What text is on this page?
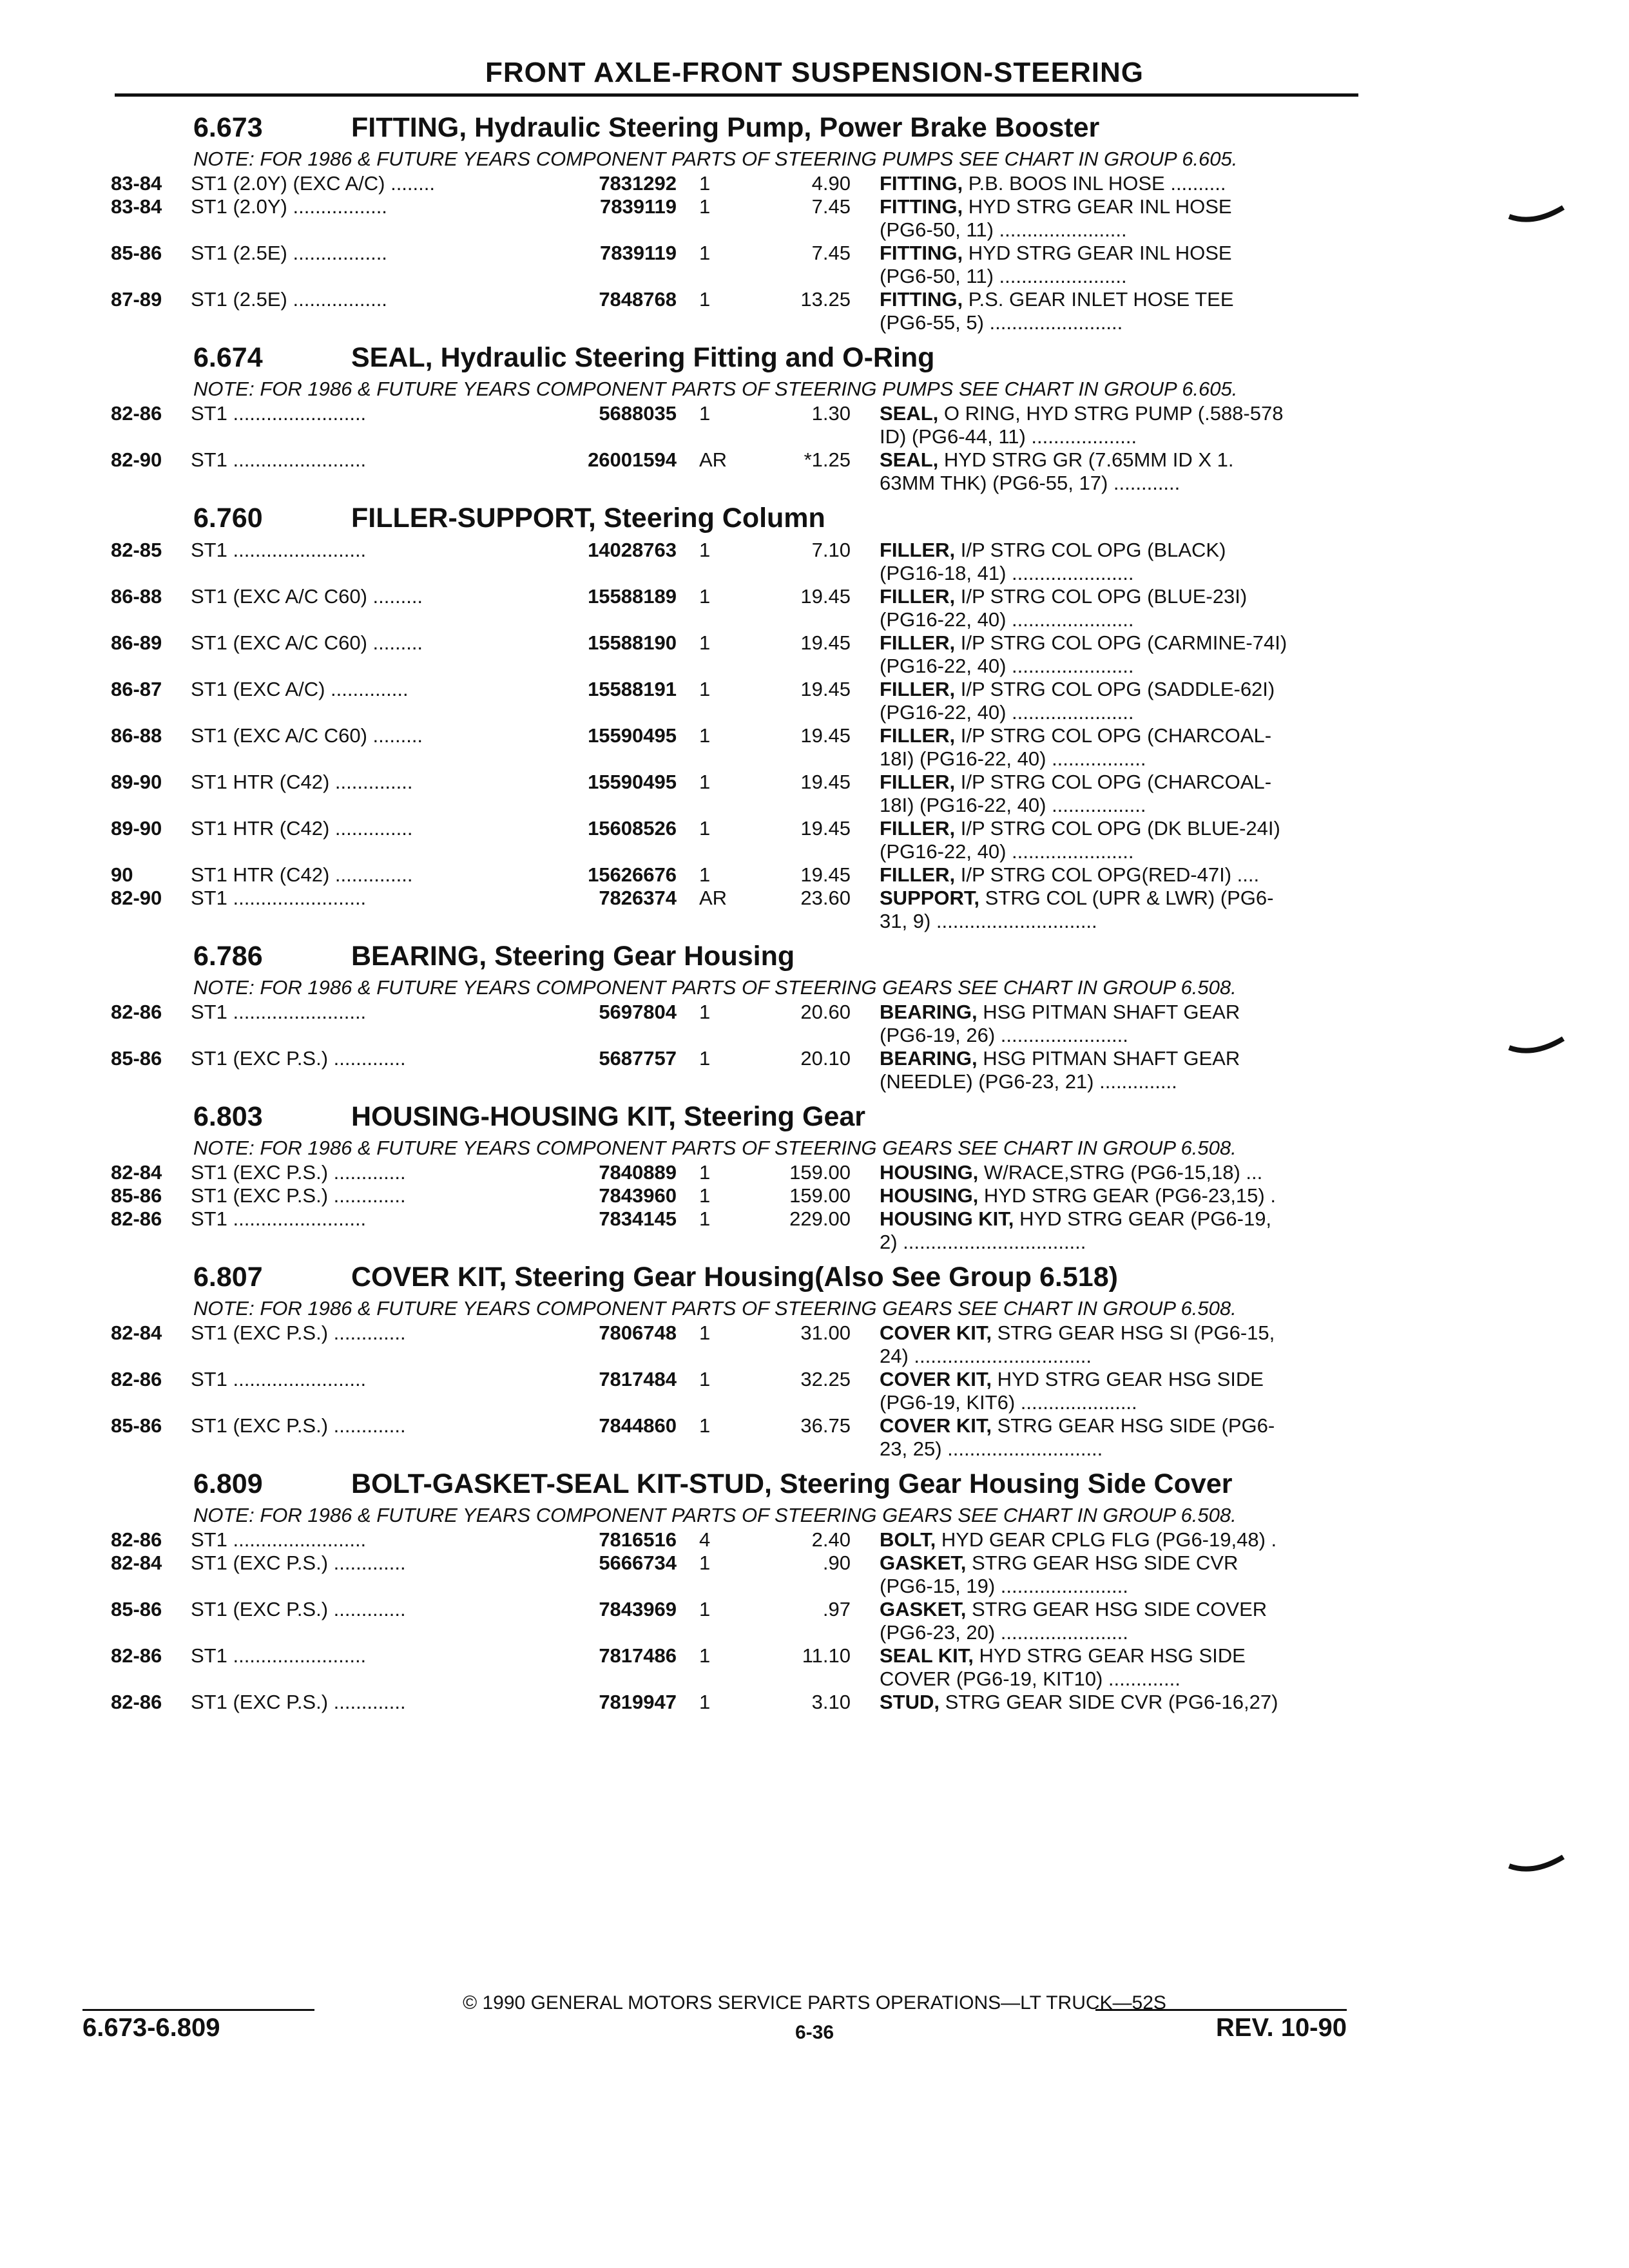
FRONT AXLE-FRONT SUSPENSION-STEERING
6.673	FITTING, Hydraulic Steering Pump, Power Brake Booster
NOTE: FOR 1986 & FUTURE YEARS COMPONENT PARTS OF STEERING PUMPS SEE CHART IN GROUP 6.605.
83-84	ST1 (2.0Y) (EXC A/C) ........	7831292 1	4.90 FITTING, P.B. BOOS INL HOSE ..........
83-84	ST1 (2.0Y) .................	7839119 1	7.45 FITTING, HYD STRG GEAR INL HOSE
(PG6-50, 11) .......................
85-86	ST1 (2.5E) .................	7839119 1	7.45 FITTING, HYD STRG GEAR INL HOSE
(PG6-50, 11) .......................
87-89	ST1 (2.5E) .................	7848768 1	13.25 FITTING, P.S. GEAR INLET HOSE TEE
(PG6-55, 5) ........................
6.674	SEAL, Hydraulic Steering Fitting and O-Ring
NOTE: FOR 1986 & FUTURE YEARS COMPONENT PARTS OF STEERING PUMPS SEE CHART IN GROUP 6.605.
82-86	ST1 ........................	5688035 1	1.30 SEAL, O RING, HYD STRG PUMP (.588-578
ID) (PG6-44, 11) ...................
82-90	ST1 ........................	26001594 AR	*1.25 SEAL, HYD STRG GR (7.65MM ID X 1.
63MM THK) (PG6-55, 17) ............
6.760	FILLER-SUPPORT, Steering Column
82-85	ST1 ........................	14028763 1	7.10 FILLER, I/P STRG COL OPG (BLACK)
(PG16-18, 41) ......................
86-88	ST1 (EXC A/C C60) .........	15588189 1	19.45 FILLER, I/P STRG COL OPG (BLUE-23I)
(PG16-22, 40) ......................
86-89	ST1 (EXC A/C C60) .........	15588190 1	19.45 FILLER, I/P STRG COL OPG (CARMINE-74I)
(PG16-22, 40) ......................
86-87	ST1 (EXC A/C) ..............	15588191 1	19.45 FILLER, I/P STRG COL OPG (SADDLE-62I)
(PG16-22, 40) ......................
86-88	ST1 (EXC A/C C60) .........	15590495 1	19.45 FILLER, I/P STRG COL OPG (CHARCOAL-
18I) (PG16-22, 40) .................
89-90	ST1 HTR (C42) ..............	15590495 1	19.45 FILLER, I/P STRG COL OPG (CHARCOAL-
18I) (PG16-22, 40) .................
89-90	ST1 HTR (C42) ..............	15608526 1	19.45 FILLER, I/P STRG COL OPG (DK BLUE-24I)
(PG16-22, 40) ......................
90	ST1 HTR (C42) ..............	15626676 1	19.45 FILLER, I/P STRG COL OPG(RED-47I) ....
82-90	ST1 ........................	7826374 AR	23.60 SUPPORT, STRG COL (UPR & LWR) (PG6-
31, 9) .............................
6.786	BEARING, Steering Gear Housing
NOTE: FOR 1986 & FUTURE YEARS COMPONENT PARTS OF STEERING GEARS SEE CHART IN GROUP 6.508.
82-86	ST1 ........................	5697804 1	20.60 BEARING, HSG PITMAN SHAFT GEAR
(PG6-19, 26) .......................
85-86	ST1 (EXC P.S.) .............	5687757 1	20.10 BEARING, HSG PITMAN SHAFT GEAR
(NEEDLE) (PG6-23, 21) ..............
6.803	HOUSING-HOUSING KIT, Steering Gear
NOTE: FOR 1986 & FUTURE YEARS COMPONENT PARTS OF STEERING GEARS SEE CHART IN GROUP 6.508.
82-84	ST1 (EXC P.S.) .............	7840889 1	159.00 HOUSING, W/RACE,STRG (PG6-15,18) ...
85-86	ST1 (EXC P.S.) .............	7843960 1	159.00 HOUSING, HYD STRG GEAR (PG6-23,15) .
82-86	ST1 ........................	7834145 1	229.00 HOUSING KIT, HYD STRG GEAR (PG6-19,
2) .................................
6.807	COVER KIT, Steering Gear Housing(Also See Group 6.518)
NOTE: FOR 1986 & FUTURE YEARS COMPONENT PARTS OF STEERING GEARS SEE CHART IN GROUP 6.508.
82-84	ST1 (EXC P.S.) .............	7806748 1	31.00 COVER KIT, STRG GEAR HSG SI (PG6-15,
24) ................................
82-86	ST1 ........................	7817484 1	32.25 COVER KIT, HYD STRG GEAR HSG SIDE
(PG6-19, KIT6) .....................
85-86	ST1 (EXC P.S.) .............	7844860 1	36.75 COVER KIT, STRG GEAR HSG SIDE (PG6-
23, 25) ............................
6.809	BOLT-GASKET-SEAL KIT-STUD, Steering Gear Housing Side Cover
NOTE: FOR 1986 & FUTURE YEARS COMPONENT PARTS OF STEERING GEARS SEE CHART IN GROUP 6.508.
82-86	ST1 ........................	7816516 4	2.40 BOLT, HYD GEAR CPLG FLG (PG6-19,48) .
82-84	ST1 (EXC P.S.) .............	5666734 1	.90 GASKET, STRG GEAR HSG SIDE CVR
(PG6-15, 19) .......................
85-86	ST1 (EXC P.S.) .............	7843969 1	.97 GASKET, STRG GEAR HSG SIDE COVER
(PG6-23, 20) .......................
82-86	ST1 ........................	7817486 1	11.10 SEAL KIT, HYD STRG GEAR HSG SIDE
COVER (PG6-19, KIT10) .............
82-86	ST1 (EXC P.S.) .............	7819947 1	3.10 STUD, STRG GEAR SIDE CVR (PG6-16,27)
© 1990 GENERAL MOTORS SERVICE PARTS OPERATIONS—LT TRUCK—52S
6.673-6.809	6-36	REV. 10-90
